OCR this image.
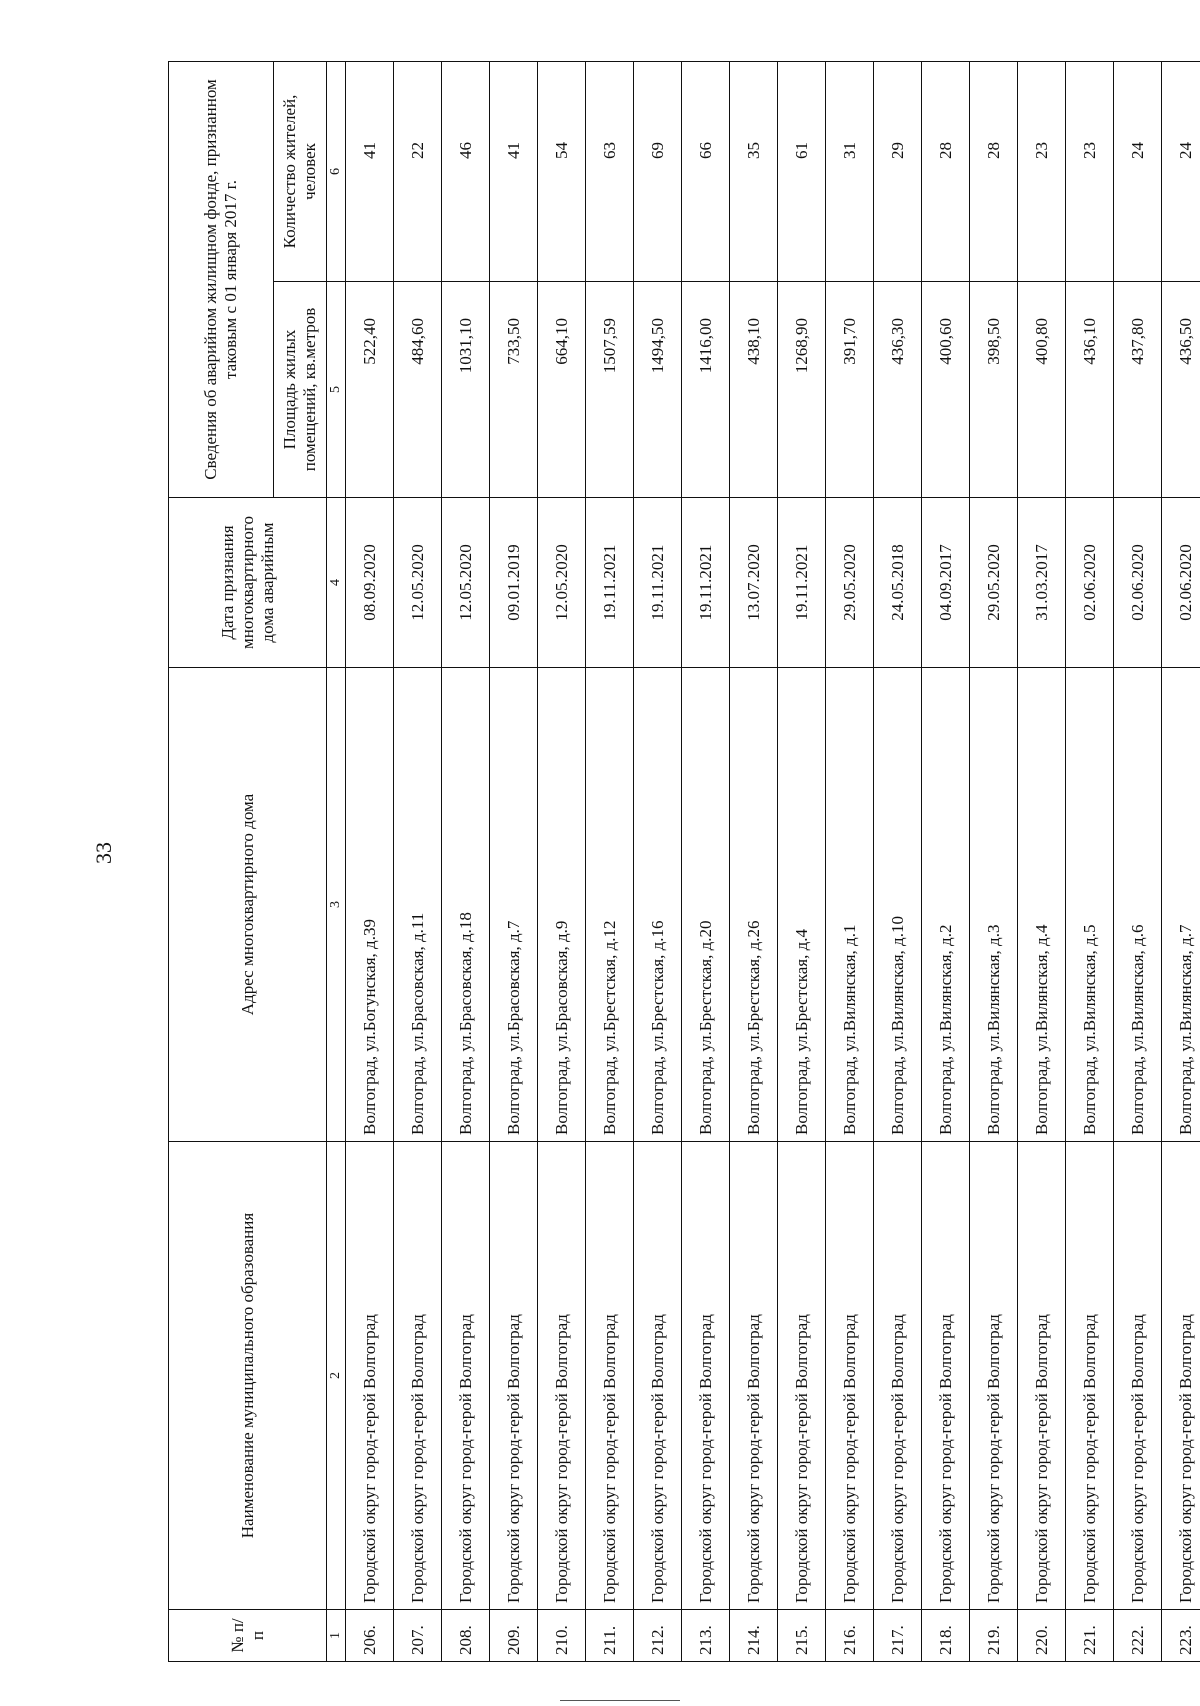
33
№ п/п	Наименование муниципального образования	Адрес многоквартирного дома	Дата признания многоквартирного дома аварийным	Сведения об аварийном жилищном фонде, признанном таковым с 01 января 2017 г.	
				Площадь жилых помещений, кв.метров	Количество жителей, человек
1	2	3	4	5	6
206.	Городской округ город-герой Волгоград	Волгоград, ул.Богунская, д.39	08.09.2020	522,40	41
207.	Городской округ город-герой Волгоград	Волгоград, ул.Брасовская, д.11	12.05.2020	484,60	22
208.	Городской округ город-герой Волгоград	Волгоград, ул.Брасовская, д.18	12.05.2020	1031,10	46
209.	Городской округ город-герой Волгоград	Волгоград, ул.Брасовская, д.7	09.01.2019	733,50	41
210.	Городской округ город-герой Волгоград	Волгоград, ул.Брасовская, д.9	12.05.2020	664,10	54
211.	Городской округ город-герой Волгоград	Волгоград, ул.Брестская, д.12	19.11.2021	1507,59	63
212.	Городской округ город-герой Волгоград	Волгоград, ул.Брестская, д.16	19.11.2021	1494,50	69
213.	Городской округ город-герой Волгоград	Волгоград, ул.Брестская, д.20	19.11.2021	1416,00	66
214.	Городской округ город-герой Волгоград	Волгоград, ул.Брестская, д.26	13.07.2020	438,10	35
215.	Городской округ город-герой Волгоград	Волгоград, ул.Брестская, д.4	19.11.2021	1268,90	61
216.	Городской округ город-герой Волгоград	Волгоград, ул.Вилянская, д.1	29.05.2020	391,70	31
217.	Городской округ город-герой Волгоград	Волгоград, ул.Вилянская, д.10	24.05.2018	436,30	29
218.	Городской округ город-герой Волгоград	Волгоград, ул.Вилянская, д.2	04.09.2017	400,60	28
219.	Городской округ город-герой Волгоград	Волгоград, ул.Вилянская, д.3	29.05.2020	398,50	28
220.	Городской округ город-герой Волгоград	Волгоград, ул.Вилянская, д.4	31.03.2017	400,80	23
221.	Городской округ город-герой Волгоград	Волгоград, ул.Вилянская, д.5	02.06.2020	436,10	23
222.	Городской округ город-герой Волгоград	Волгоград, ул.Вилянская, д.6	02.06.2020	437,80	24
223.	Городской округ город-герой Волгоград	Волгоград, ул.Вилянская, д.7	02.06.2020	436,50	24
